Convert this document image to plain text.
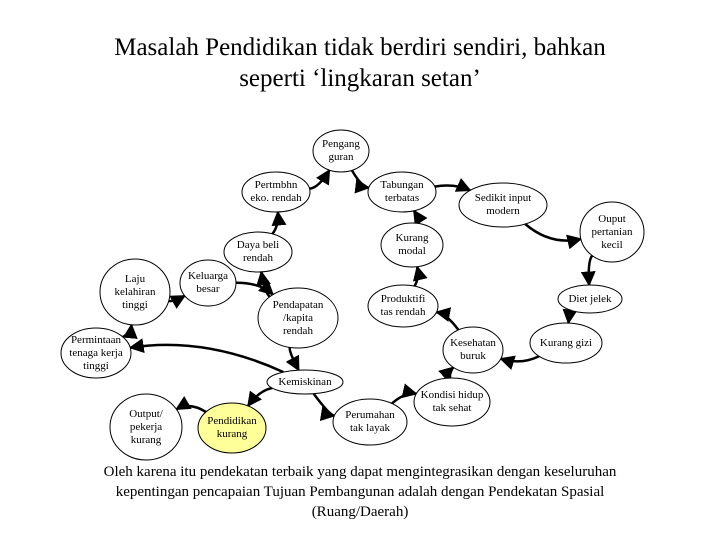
Masalah Pendidikan tidak berdiri sendiri, bahkan
seperti ‘lingkaran setan’
Pengang
guran
Pertmbhn
eko. rendah
Tabungan
terbatas	Sedikit input
modern
Ouput
pertanian
kecil
Daya beli
rendah
Kurang
modal
Laju
kelahiran
tinggi
Keluarga
besar
Pendapatan
/kapita
rendah
Produktifi
tas rendah
Diet jelek
Permintaan
tenaga kerja
tinggi
Kesehatan
buruk
Kurang gizi
Kemiskinan
Output/
pekerja
kurang
Pendidikan
kurang
Perumahan
tak layak
Kondisi hidup
tak sehat

Oleh karena itu pendekatan terbaik yang dapat mengintegrasikan dengan keseluruhan
kepentingan pencapaian Tujuan Pembangunan adalah dengan Pendekatan Spasial
(Ruang/Daerah)
